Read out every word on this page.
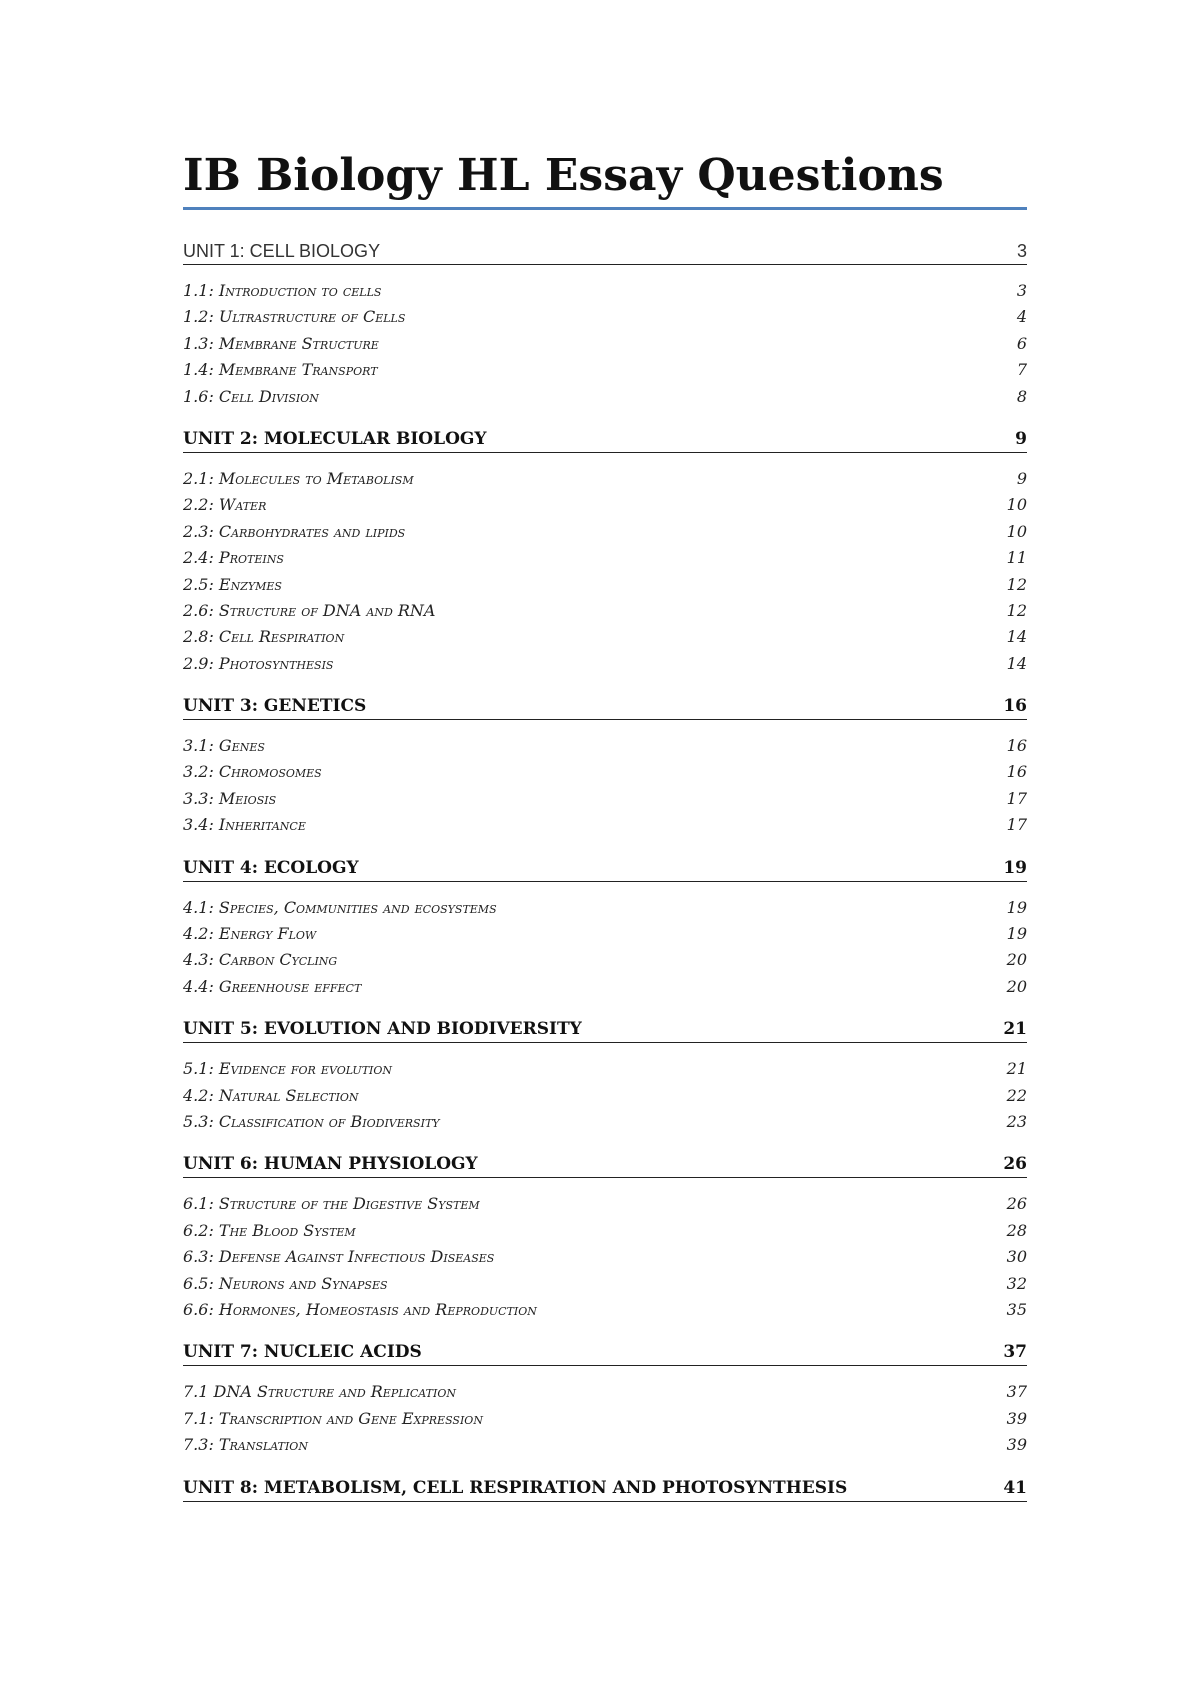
IB Biology HL Essay Questions
UNIT 1: CELL BIOLOGY	3
1.1: Introduction to cells	3
1.2: Ultrastructure of Cells	4
1.3: Membrane Structure	6
1.4: Membrane Transport	7
1.6: Cell Division	8
UNIT 2: MOLECULAR BIOLOGY	9
2.1: Molecules to Metabolism	9
2.2: Water	10
2.3: Carbohydrates and lipids	10
2.4: Proteins	11
2.5: Enzymes	12
2.6: Structure of DNA and RNA	12
2.8: Cell Respiration	14
2.9: Photosynthesis	14
UNIT 3: GENETICS	16
3.1: Genes	16
3.2: Chromosomes	16
3.3: Meiosis	17
3.4: Inheritance	17
UNIT 4: ECOLOGY	19
4.1: Species, Communities and ecosystems	19
4.2: Energy Flow	19
4.3: Carbon Cycling	20
4.4: Greenhouse effect	20
UNIT 5: EVOLUTION AND BIODIVERSITY	21
5.1: Evidence for evolution	21
4.2: Natural Selection	22
5.3: Classification of Biodiversity	23
UNIT 6: HUMAN PHYSIOLOGY	26
6.1: Structure of the Digestive System	26
6.2: The Blood System	28
6.3: Defense Against Infectious Diseases	30
6.5: Neurons and Synapses	32
6.6: Hormones, Homeostasis and Reproduction	35
UNIT 7: NUCLEIC ACIDS	37
7.1 DNA Structure and Replication	37
7.1: Transcription and Gene Expression	39
7.3: Translation	39
UNIT 8: METABOLISM, CELL RESPIRATION AND PHOTOSYNTHESIS	41
